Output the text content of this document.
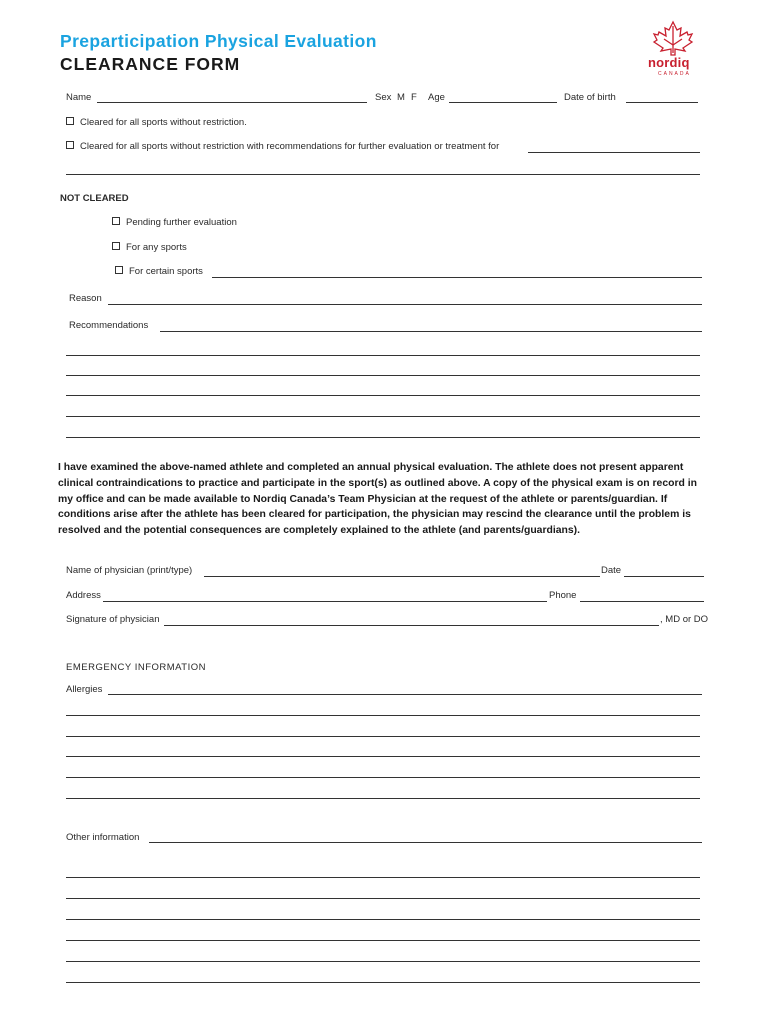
Preparticipation Physical Evaluation
CLEARANCE FORM	nordiq
CANADA
Name	Sex M F Age	Date of birth
Cleared for all sports without restriction.
Cleared for all sports without restriction with recommendations for further evaluation or treatment for
NOT CLEARED
Pending further evaluation
For any sports
For certain sports
Reason
Recommendations
I have examined the above-named athlete and completed an annual physical evaluation. The athlete does not present apparent clinical contraindications to practice and participate in the sport(s) as outlined above. A copy of the physical exam is on record in my office and can be made available to Nordiq Canada’s Team Physician at the request of the athlete or parents/guardian. If conditions arise after the athlete has been cleared for participation, the physician may rescind the clearance until the problem is resolved and the potential consequences are completely explained to the athlete (and parents/guardians).
Name of physician (print/type)	Date
Address	Phone
Signature of physician	, MD or DO
EMERGENCY INFORMATION
Allergies
Other information
